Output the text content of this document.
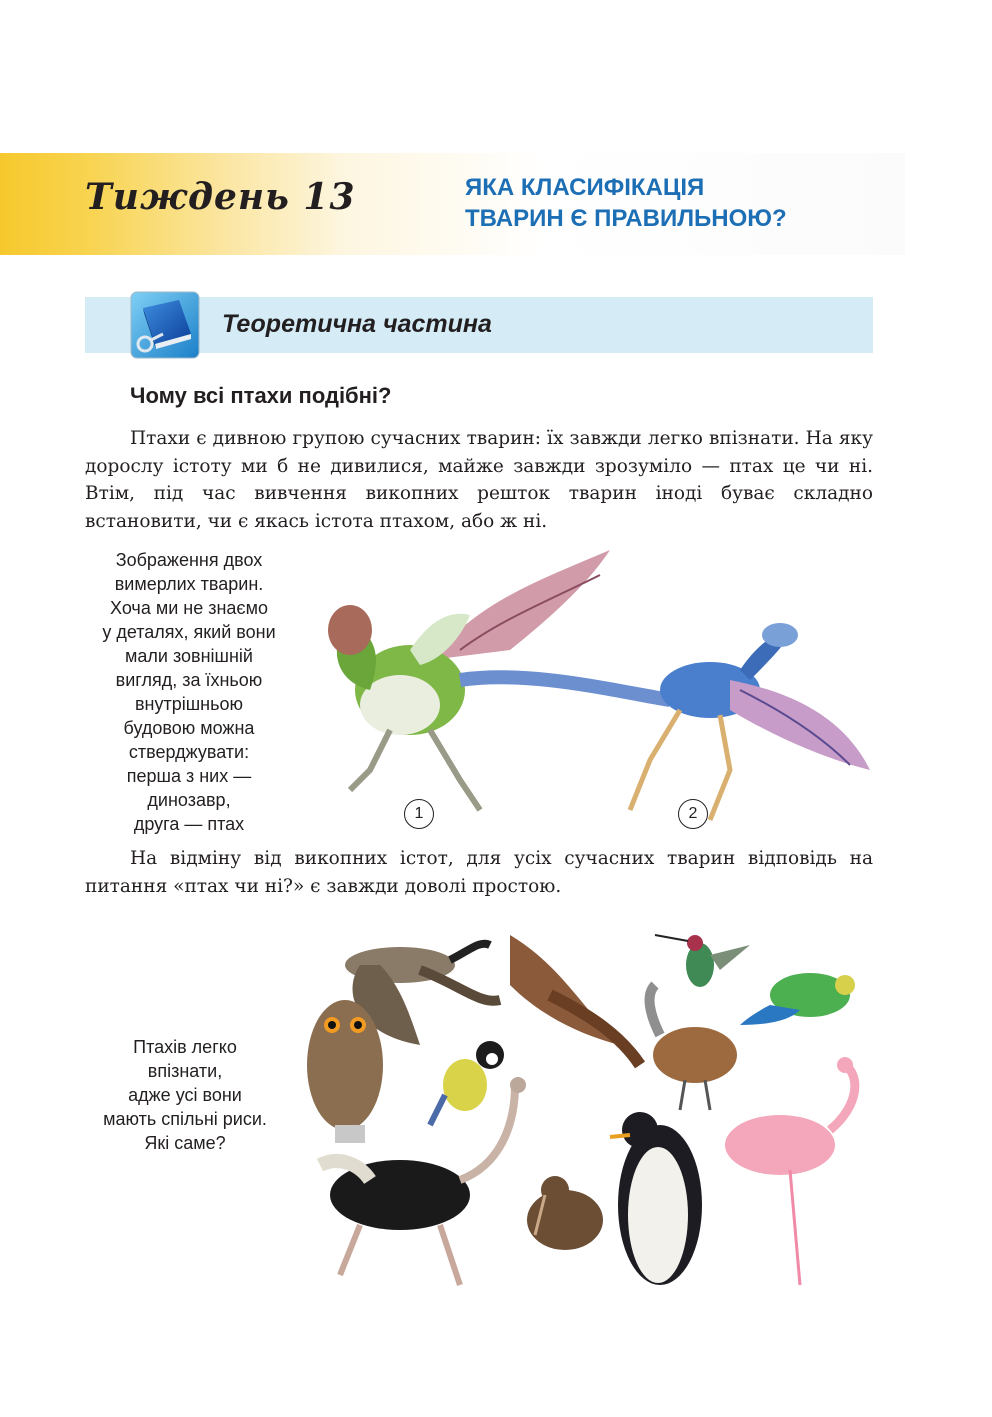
Тиждень 13	ЯКА КЛАСИФІКАЦІЯ
ТВАРИН Є ПРАВИЛЬНОЮ?
Теоретична частина
Чому всі птахи подібні?

Птахи є дивною групою сучасних тварин: їх завжди легко впізнати. На яку дорослу істоту ми б не дивилися, майже завжди зрозуміло — птах це чи ні. Втім, під час вивчення викопних решток тварин іноді буває складно встановити, чи є якась істота птахом, або ж ні.

Зображення двох
вимерлих тварин.
Хоча ми не знаємо
у деталях, який вони
мали зовнішній
вигляд, за їхньою
внутрішньою
будовою можна
стверджувати:
перша з них —
динозавр,
друга — птах
1	2

На відміну від викопних істот, для усіх сучасних тварин відповідь на питання «птах чи ні?» є завжди доволі простою.

Птахів легко
впізнати,
адже усі вони
мають спільні риси.
Які саме?
